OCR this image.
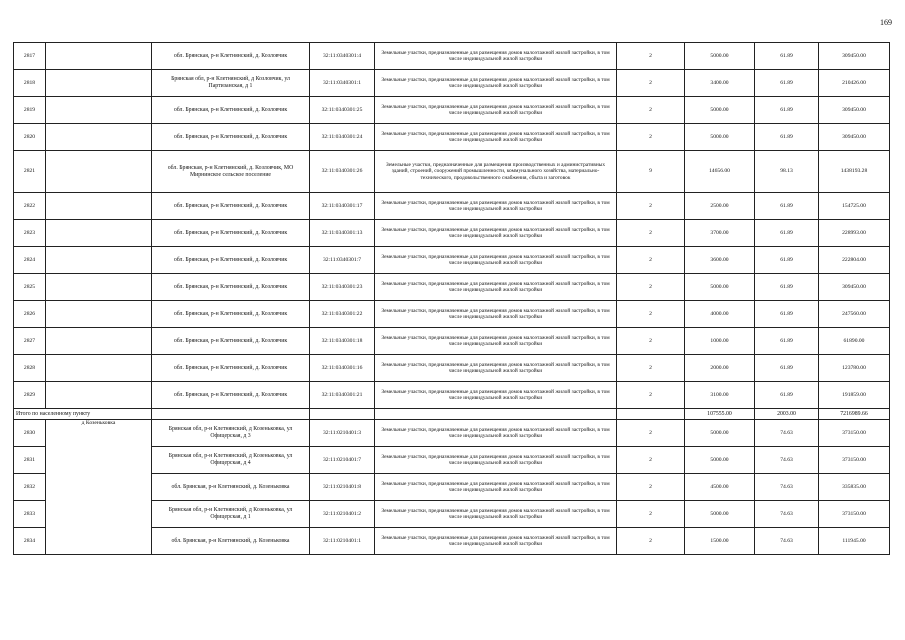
169
2817		обл. Брянская, р-н Клетнянский, д. Козловчик	32:11:0340301:4	Земельные участки, предназначенные для размещения домов малоэтажной жилой застройки, в том числе индивидуальной жилой застройки	2	5000.00	61.89	309450.00
2818		Брянская обл, р-н Клетнянский, д Козловчик, ул Партизанская, д 1	32:11:0340301:1	Земельные участки, предназначенные для размещения домов малоэтажной жилой застройки, в том числе индивидуальной жилой застройки	2	3400.00	61.89	210426.00
2819		обл. Брянская, р-н Клетнянский, д. Козловчик	32:11:0340301:25	Земельные участки, предназначенные для размещения домов малоэтажной жилой застройки, в том числе индивидуальной жилой застройки	2	5000.00	61.89	309450.00
2820		обл. Брянская, р-н Клетнянский, д. Козловчик	32:11:0340301:24	Земельные участки, предназначенные для размещения домов малоэтажной жилой застройки, в том числе индивидуальной жилой застройки	2	5000.00	61.89	309450.00
2821		обл. Брянская, р-н Клетнянский, д. Козловчик, МО Мирнинское сельское поселение	32:11:0340301:26	Земельные участки, предназначенные для размещения производственных и административных зданий, строений, сооружений промышленности, коммунального хозяйства, материально-технического, продовольственного снабжения, сбыта и заготовок	9	14656.00	98.13	1438193.28
2822		обл. Брянская, р-н Клетнянский, д. Козловчик	32:11:0340301:17	Земельные участки, предназначенные для размещения домов малоэтажной жилой застройки, в том числе индивидуальной жилой застройки	2	2500.00	61.89	154725.00
2823		обл. Брянская, р-н Клетнянский, д. Козловчик	32:11:0340301:13	Земельные участки, предназначенные для размещения домов малоэтажной жилой застройки, в том числе индивидуальной жилой застройки	2	3700.00	61.89	228993.00
2824		обл. Брянская, р-н Клетнянский, д. Козловчик	32:11:0340301:7	Земельные участки, предназначенные для размещения домов малоэтажной жилой застройки, в том числе индивидуальной жилой застройки	2	3600.00	61.89	222804.00
2825		обл. Брянская, р-н Клетнянский, д. Козловчик	32:11:0340301:23	Земельные участки, предназначенные для размещения домов малоэтажной жилой застройки, в том числе индивидуальной жилой застройки	2	5000.00	61.89	309450.00
2826		обл. Брянская, р-н Клетнянский, д. Козловчик	32:11:0340301:22	Земельные участки, предназначенные для размещения домов малоэтажной жилой застройки, в том числе индивидуальной жилой застройки	2	4000.00	61.89	247560.00
2827		обл. Брянская, р-н Клетнянский, д. Козловчик	32:11:0340301:18	Земельные участки, предназначенные для размещения домов малоэтажной жилой застройки, в том числе индивидуальной жилой застройки	2	1000.00	61.89	61890.00
2828		обл. Брянская, р-н Клетнянский, д. Козловчик	32:11:0340301:16	Земельные участки, предназначенные для размещения домов малоэтажной жилой застройки, в том числе индивидуальной жилой застройки	2	2000.00	61.89	123780.00
2829		обл. Брянская, р-н Клетнянский, д. Козловчик	32:11:0340301:21	Земельные участки, предназначенные для размещения домов малоэтажной жилой застройки, в том числе индивидуальной жилой застройки	2	3100.00	61.89	191859.00
Итого по населенному пункту						107555.00	2003.00	7216989.66
2830	д Козеньковка	Брянская обл, р-н Клетнянский, д Козеньковка, ул Офицерская, д 3	32:11:0210401:3	Земельные участки, предназначенные для размещения домов малоэтажной жилой застройки, в том числе индивидуальной жилой застройки	2	5000.00	74.63	373150.00
2831		Брянская обл, р-н Клетнянский, д Козеньковка, ул Офицерская, д 4	32:11:0210401:7	Земельные участки, предназначенные для размещения домов малоэтажной жилой застройки, в том числе индивидуальной жилой застройки	2	5000.00	74.63	373150.00
2832		обл. Брянская, р-н Клетнянский, д. Козеньковка	32:11:0210401:8	Земельные участки, предназначенные для размещения домов малоэтажной жилой застройки, в том числе индивидуальной жилой застройки	2	4500.00	74.63	335835.00
2833		Брянская обл, р-н Клетнянский, д Козеньковка, ул Офицерская, д 1	32:11:0210401:2	Земельные участки, предназначенные для размещения домов малоэтажной жилой застройки, в том числе индивидуальной жилой застройки	2	5000.00	74.63	373150.00
2834		обл. Брянская, р-н Клетнянский, д. Козеньковка	32:11:0210401:1	Земельные участки, предназначенные для размещения домов малоэтажной жилой застройки, в том числе индивидуальной жилой застройки	2	1500.00	74.63	111945.00
